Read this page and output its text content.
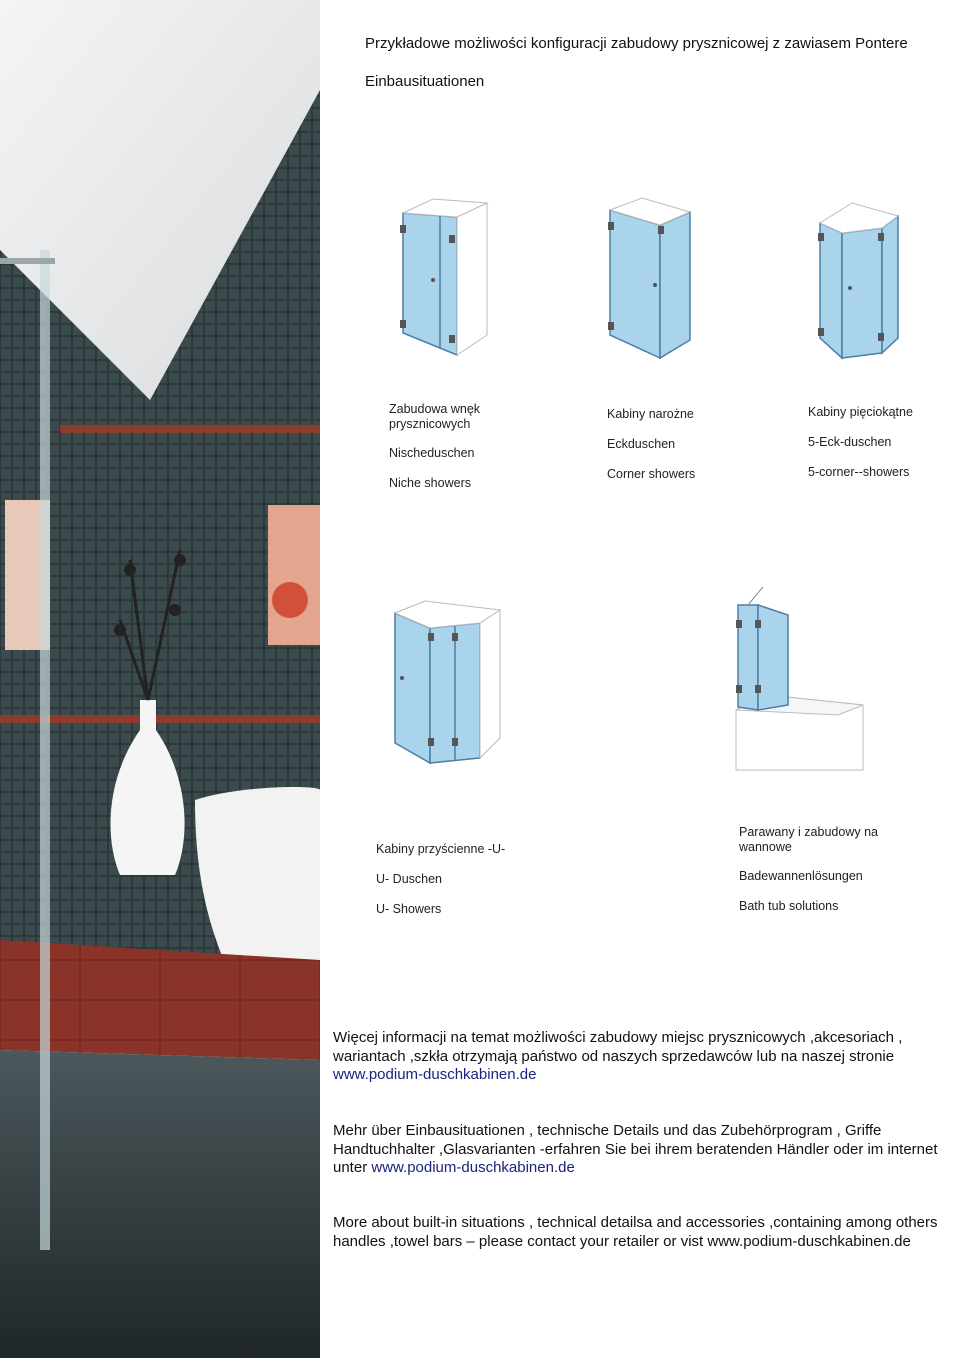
Przykładowe możliwości konfiguracji zabudowy prysznicowej z zawiasem Pontere
Einbausituationen
Zabudowa wnęk prysznicowych
Nischeduschen
Niche showers
Kabiny narożne
Eckduschen
Corner showers
Kabiny pięciokątne
5-Eck-duschen
5-corner--showers
Kabiny przyścienne -U-
U- Duschen
U- Showers
Parawany i zabudowy na wannowe
Badewannenlösungen
Bath tub solutions
Więcej informacji na temat możliwości zabudowy miejsc prysznicowych ,akcesoriach , wariantach ,szkła otrzymają państwo od naszych sprzedawców lub na naszej stronie www.podium-duschkabinen.de
Mehr über Einbausituationen , technische Details und das Zubehörprogram , Griffe Handtuchhalter ,Glasvarianten -erfahren Sie bei ihrem beratenden Händler oder im internet unter www.podium-duschkabinen.de
More about built-in situations , technical detailsa and accessories ,containing among others handles ,towel bars – please contact your retailer or vist www.podium-duschkabinen.de
